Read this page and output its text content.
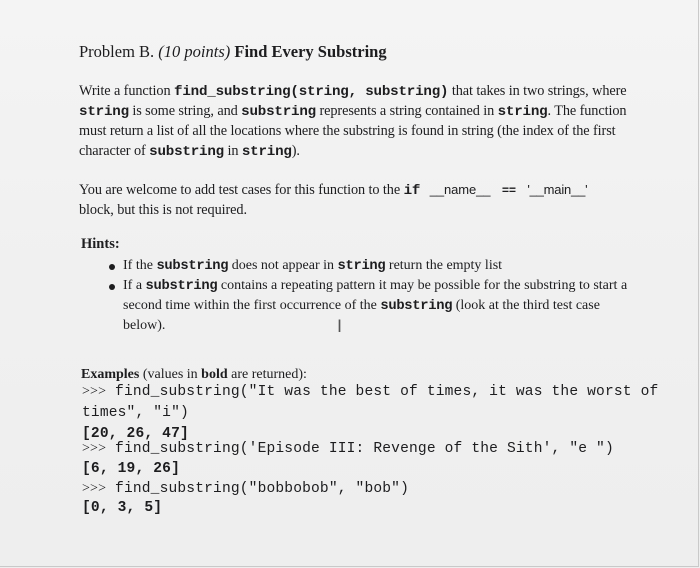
Problem B. (10 points) Find Every Substring
Write a function find_substring(string, substring) that takes in two strings, where
string is some string, and substring represents a string contained in string. The function
must return a list of all the locations where the substring is found in string (the index of the first
character of substring in string).
You are welcome to add test cases for this function to the if __name__ == '__main__'
block, but this is not required.
Hints:
If the substring does not appear in string return the empty list
If a substring contains a repeating pattern it may be possible for the substring to start a
second time within the first occurrence of the substring (look at the third test case
below).	I
Examples (values in bold are returned):
>>> find_substring("It was the best of times, it was the worst of
times", "i")
[20, 26, 47]
>>> find_substring('Episode III: Revenge of the Sith', "e ")
[6, 19, 26]
>>> find_substring("bobbobob", "bob")
[0, 3, 5]
